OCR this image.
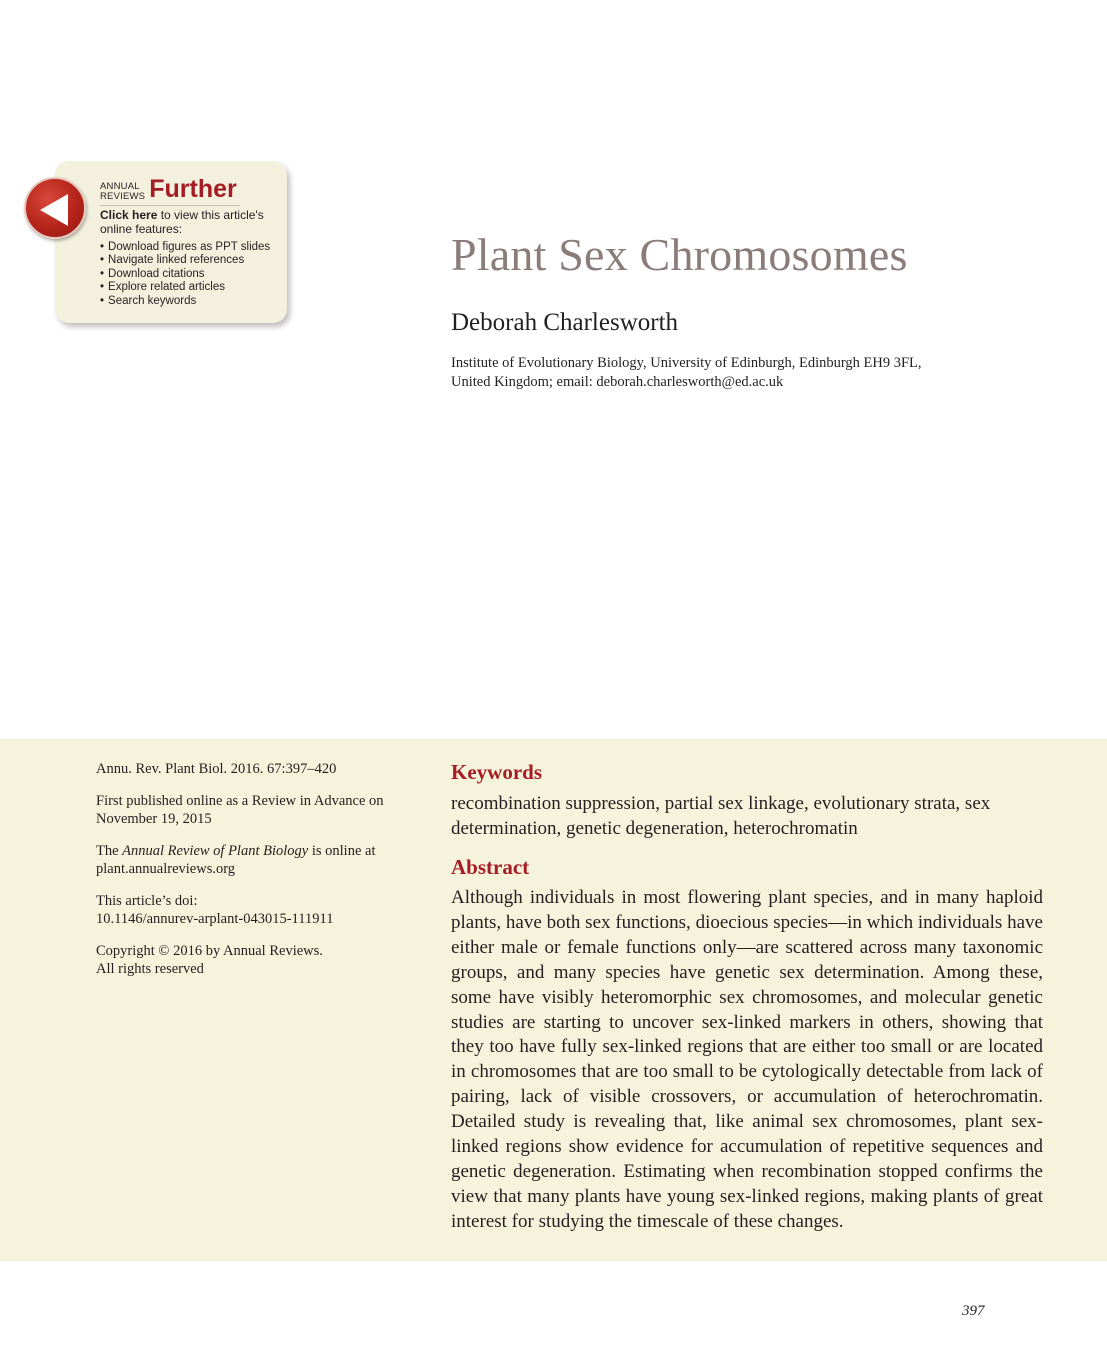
ANNUAL
REVIEWS Further
Click here to view this article's online features:
• Download figures as PPT slides
• Navigate linked references
• Download citations
• Explore related articles
• Search keywords
Plant Sex Chromosomes
Deborah Charlesworth
Institute of Evolutionary Biology, University of Edinburgh, Edinburgh EH9 3FL,
United Kingdom; email: deborah.charlesworth@ed.ac.uk

Annu. Rev. Plant Biol. 2016. 67:397–420

First published online as a Review in Advance on November 19, 2015

The Annual Review of Plant Biology is online at plant.annualreviews.org

This article’s doi:
10.1146/annurev-arplant-043015-111911

Copyright © 2016 by Annual Reviews.
All rights reserved

Keywords

recombination suppression, partial sex linkage, evolutionary strata, sex determination, genetic degeneration, heterochromatin

Abstract

Although individuals in most flowering plant species, and in many haploid plants, have both sex functions, dioecious species—in which individuals have either male or female functions only—are scattered across many taxonomic groups, and many species have genetic sex determination. Among these, some have visibly heteromorphic sex chromosomes, and molecular genetic studies are starting to uncover sex-linked markers in others, showing that they too have fully sex-linked regions that are either too small or are located in chromosomes that are too small to be cytologically detectable from lack of pairing, lack of visible crossovers, or accumulation of heterochromatin. Detailed study is revealing that, like animal sex chromosomes, plant sex-linked regions show evidence for accumulation of repetitive sequences and genetic degeneration. Estimating when recombination stopped confirms the view that many plants have young sex-linked regions, making plants of great interest for studying the timescale of these changes.

397
